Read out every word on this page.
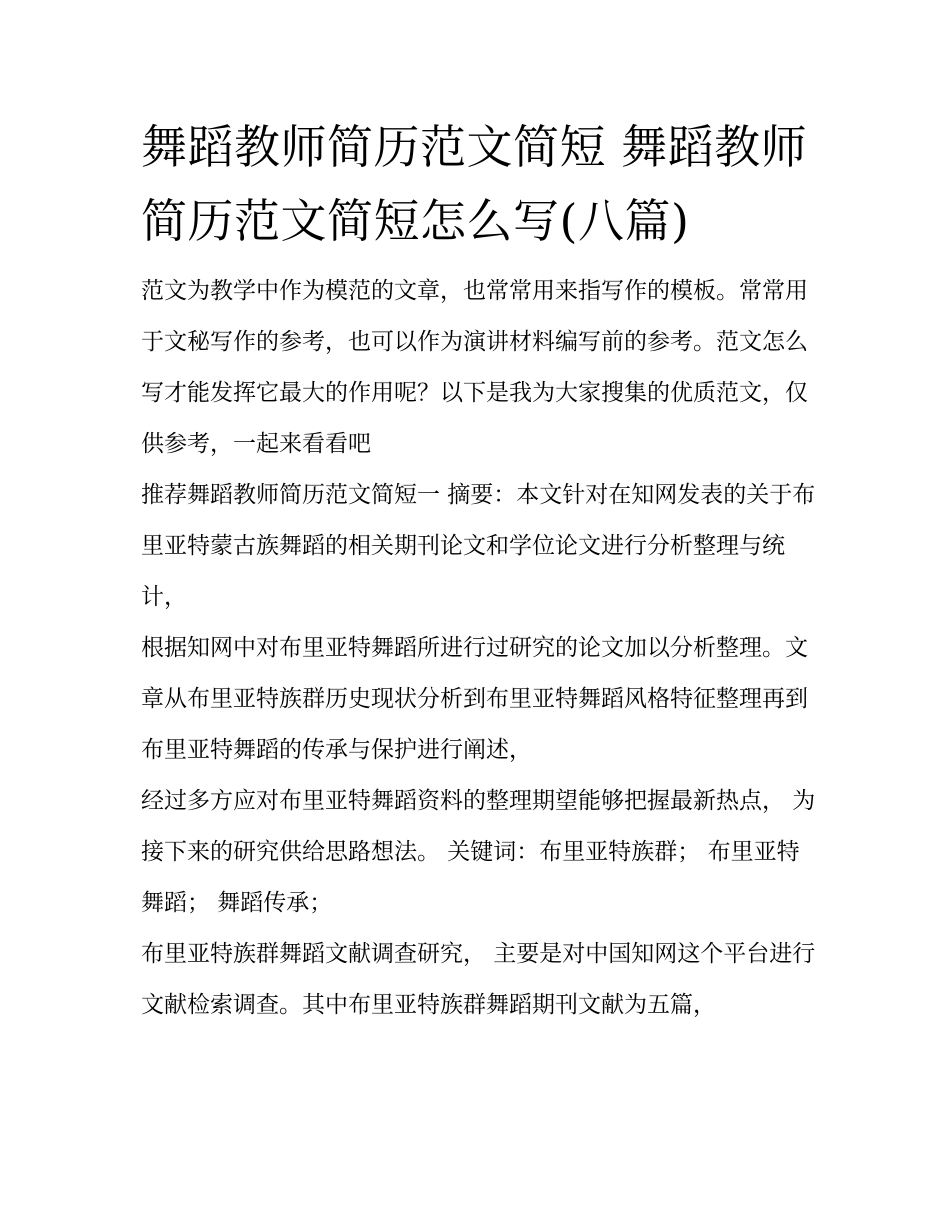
舞蹈教师简历范文简短 舞蹈教师简历范文简短怎么写(八篇)

范文为教学中作为模范的文章，也常常用来指写作的模板。常常用于文秘写作的参考，也可以作为演讲材料编写前的参考。范文怎么写才能发挥它最大的作用呢？以下是我为大家搜集的优质范文，仅供参考，一起来看看吧

推荐舞蹈教师简历范文简短一 摘要：本文针对在知网发表的关于布里亚特蒙古族舞蹈的相关期刊论文和学位论文进行分析整理与统计，

根据知网中对布里亚特舞蹈所进行过研究的论文加以分析整理。文章从布里亚特族群历史现状分析到布里亚特舞蹈风格特征整理再到布里亚特舞蹈的传承与保护进行阐述，

经过多方应对布里亚特舞蹈资料的整理期望能够把握最新热点， 为接下来的研究供给思路想法。 关键词：布里亚特族群； 布里亚特舞蹈； 舞蹈传承；

布里亚特族群舞蹈文献调查研究， 主要是对中国知网这个平台进行文献检索调查。其中布里亚特族群舞蹈期刊文献为五篇，
